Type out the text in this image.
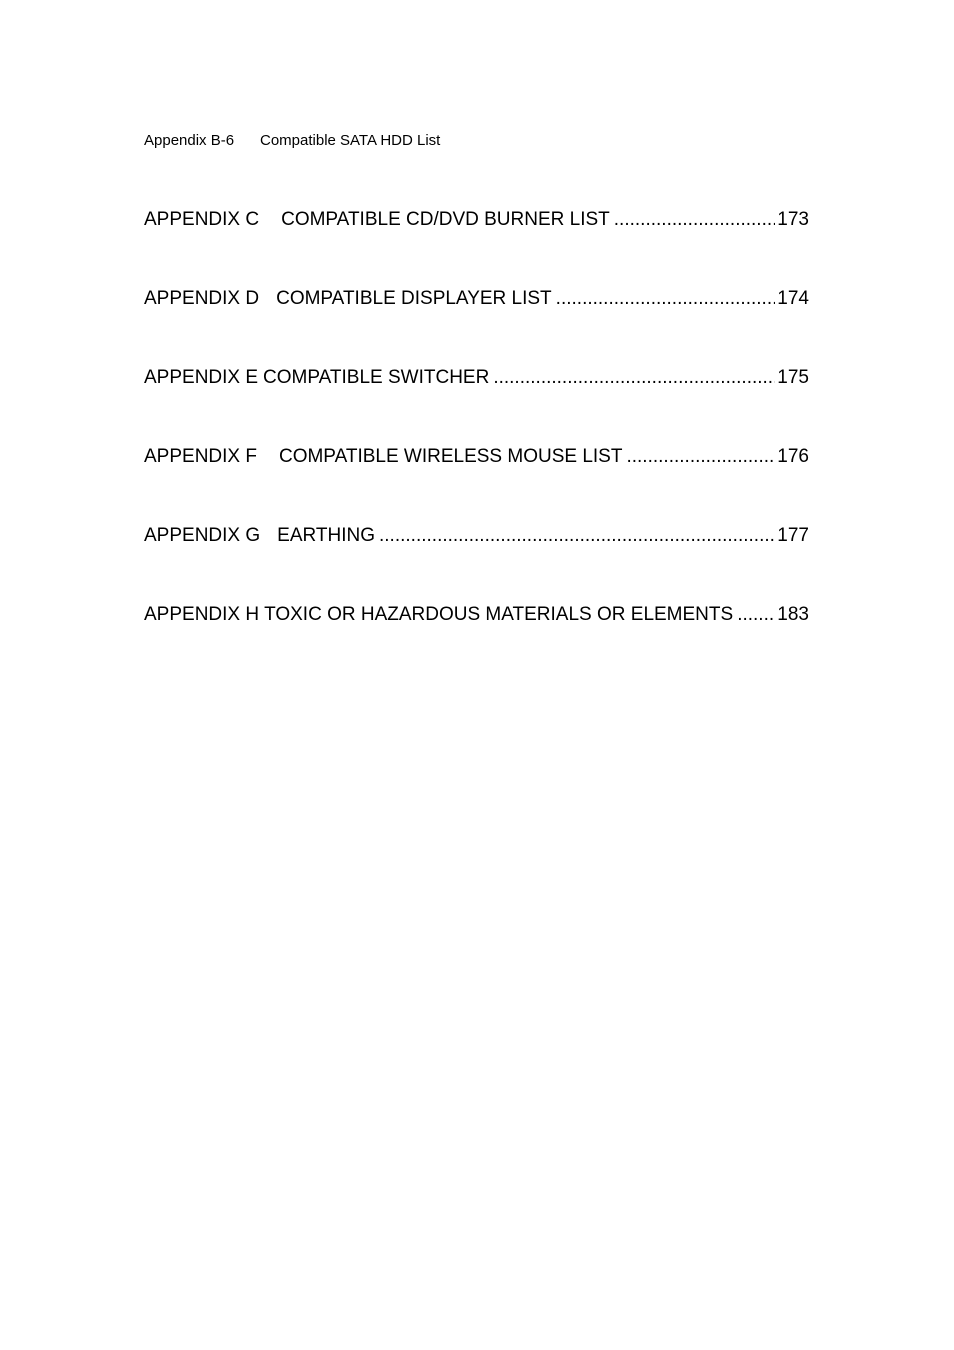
Appendix B-6 Compatible SATA HDD List
APPENDIX C COMPATIBLE CD/DVD BURNER LIST .....	173
APPENDIX D COMPATIBLE DISPLAYER LIST .....	174
APPENDIX E COMPATIBLE SWITCHER .....	175
APPENDIX F COMPATIBLE WIRELESS MOUSE LIST .....	176
APPENDIX G EARTHING .....	177
APPENDIX H TOXIC OR HAZARDOUS MATERIALS OR ELEMENTS ..... 183
